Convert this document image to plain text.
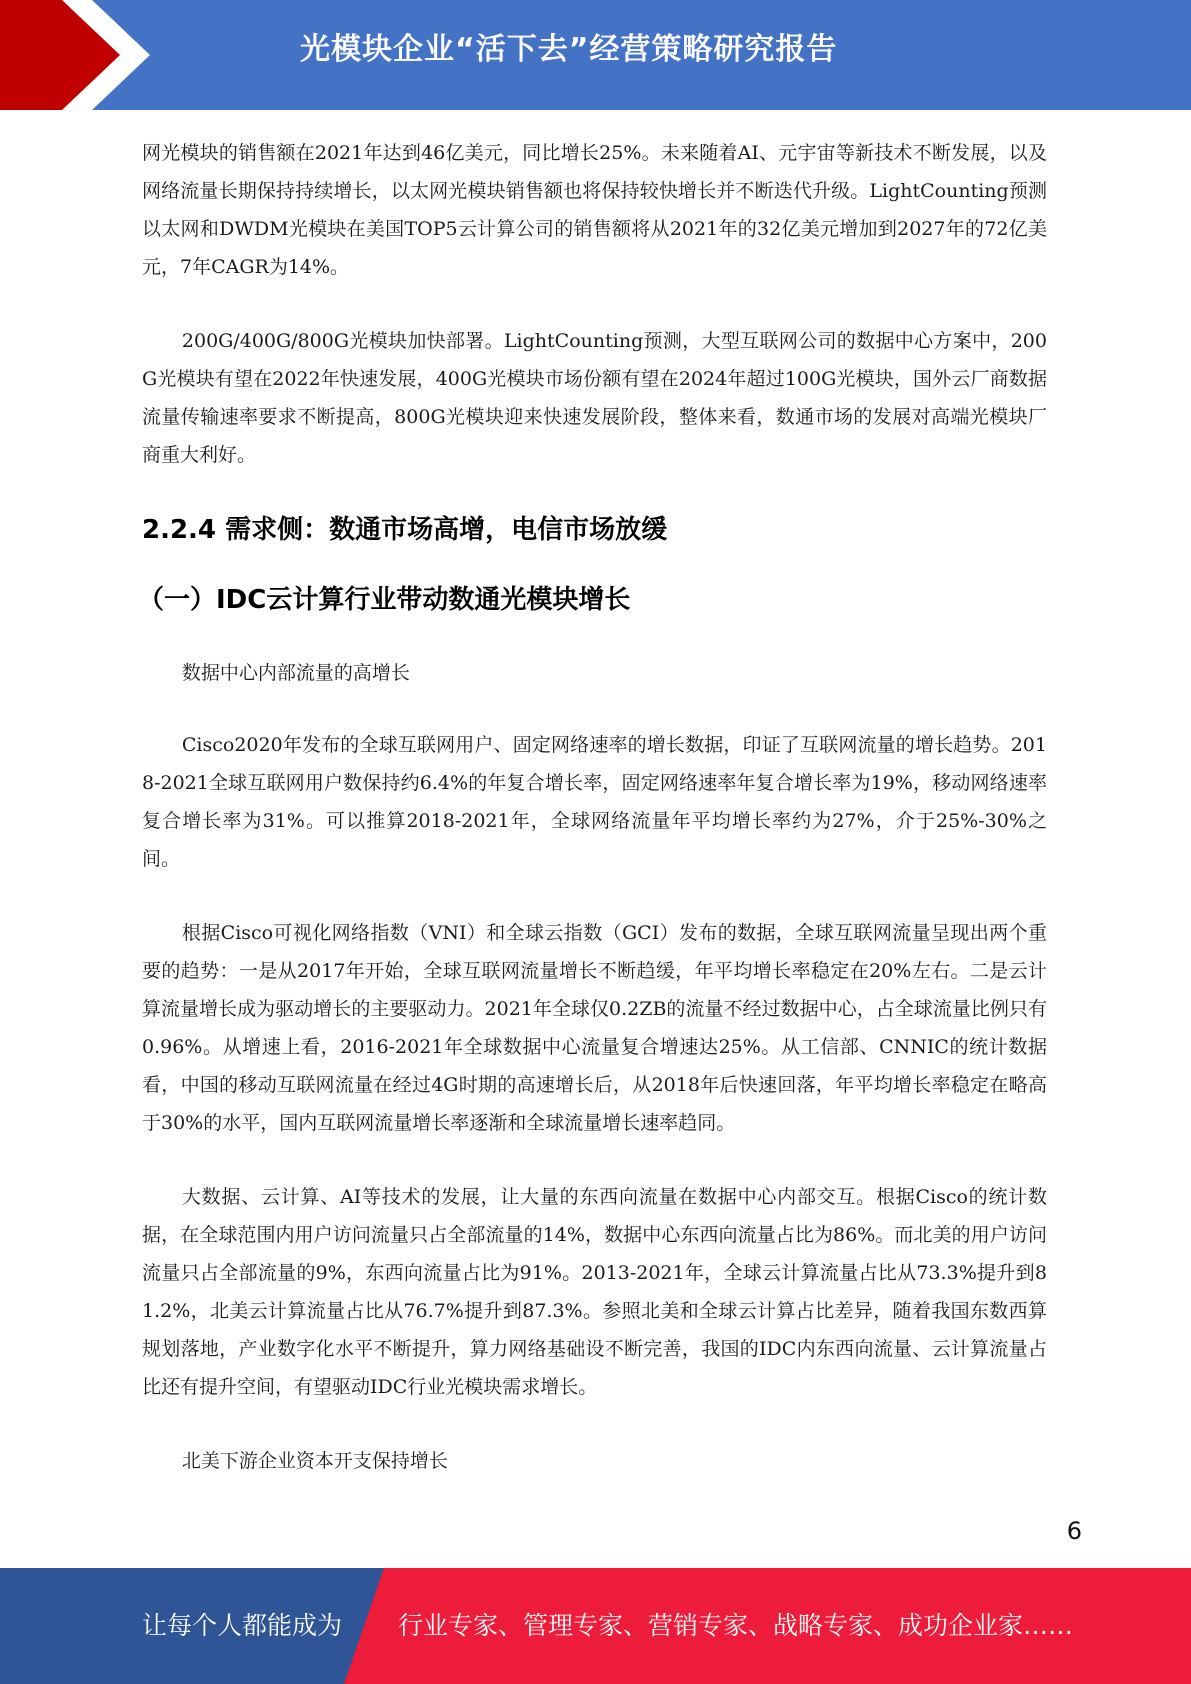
光模块企业“活下去”经营策略研究报告

网光模块的销售额在2021年达到46亿美元，同比增长25%。未来随着AI、元宇宙等新技术不断发展，以及网络流量长期保持持续增长，以太网光模块销售额也将保持较快增长并不断迭代升级。LightCounting预测以太网和DWDM光模块在美国TOP5云计算公司的销售额将从2021年的32亿美元增加到2027年的72亿美元，7年CAGR为14%。

200G/400G/800G光模块加快部署。LightCounting预测，大型互联网公司的数据中心方案中，200G光模块有望在2022年快速发展，400G光模块市场份额有望在2024年超过100G光模块，国外云厂商数据流量传输速率要求不断提高，800G光模块迎来快速发展阶段，整体来看，数通市场的发展对高端光模块厂商重大利好。

2.2.4 需求侧：数通市场高增，电信市场放缓
（一）IDC云计算行业带动数通光模块增长

数据中心内部流量的高增长

Cisco2020年发布的全球互联网用户、固定网络速率的增长数据，印证了互联网流量的增长趋势。2018-2021全球互联网用户数保持约6.4%的年复合增长率，固定网络速率年复合增长率为19%，移动网络速率复合增长率为31%。可以推算2018-2021年，全球网络流量年平均增长率约为27%，介于25%-30%之间。

根据Cisco可视化网络指数（VNI）和全球云指数（GCI）发布的数据，全球互联网流量呈现出两个重要的趋势：一是从2017年开始，全球互联网流量增长不断趋缓，年平均增长率稳定在20%左右。二是云计算流量增长成为驱动增长的主要驱动力。2021年全球仅0.2ZB的流量不经过数据中心，占全球流量比例只有0.96%。从增速上看，2016-2021年全球数据中心流量复合增速达25%。从工信部、CNNIC的统计数据看，中国的移动互联网流量在经过4G时期的高速增长后，从2018年后快速回落，年平均增长率稳定在略高于30%的水平，国内互联网流量增长率逐渐和全球流量增长速率趋同。

大数据、云计算、AI等技术的发展，让大量的东西向流量在数据中心内部交互。根据Cisco的统计数据，在全球范围内用户访问流量只占全部流量的14%，数据中心东西向流量占比为86%。而北美的用户访问流量只占全部流量的9%，东西向流量占比为91%。2013-2021年，全球云计算流量占比从73.3%提升到81.2%，北美云计算流量占比从76.7%提升到87.3%。参照北美和全球云计算占比差异，随着我国东数西算规划落地，产业数字化水平不断提升，算力网络基础设不断完善，我国的IDC内东西向流量、云计算流量占比还有提升空间，有望驱动IDC行业光模块需求增长。

北美下游企业资本开支保持增长

6
让每个人都能成为 行业专家、管理专家、营销专家、战略专家、成功企业家……
